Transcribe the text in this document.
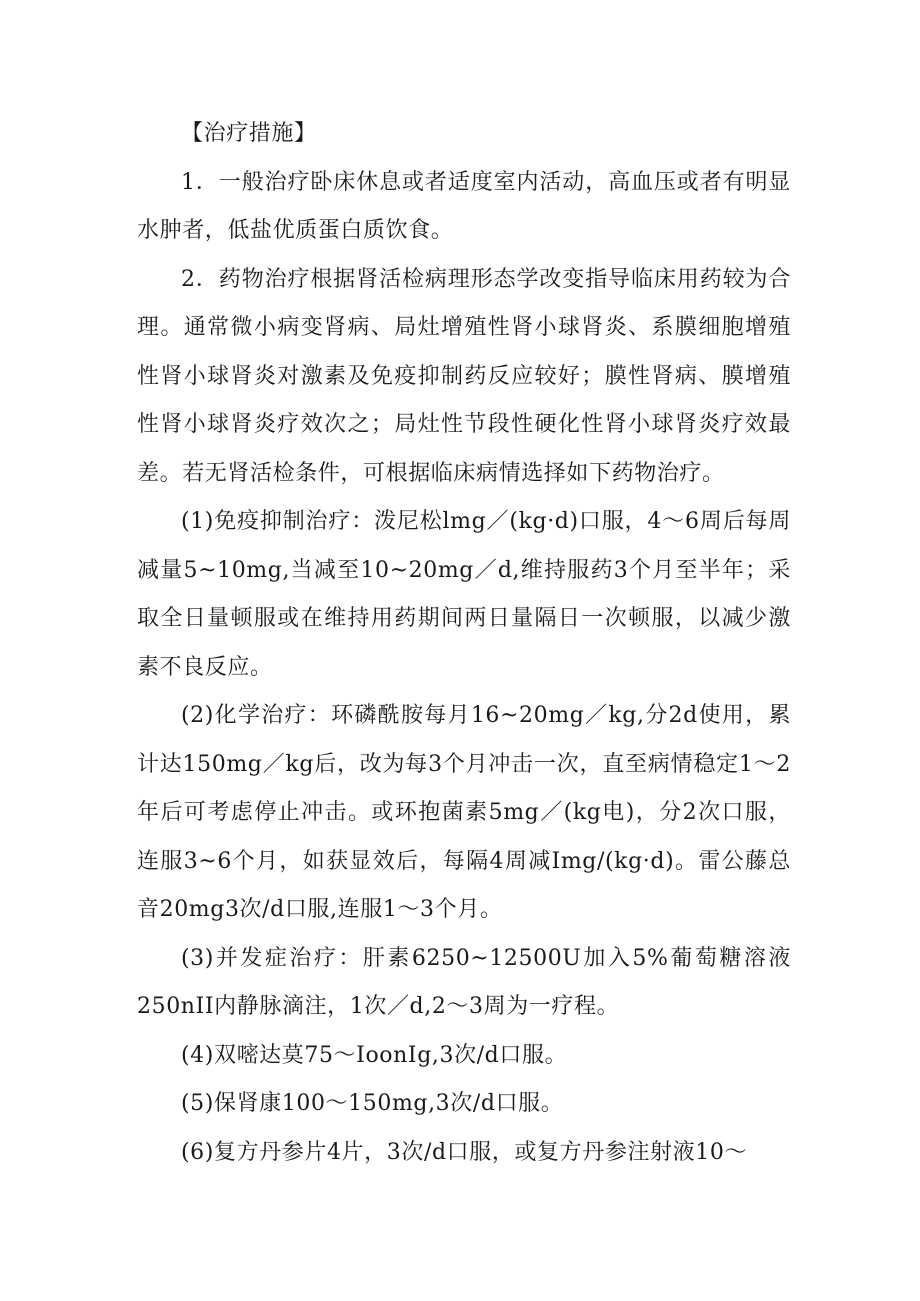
【治疗措施】

1．一般治疗卧床休息或者适度室内活动，高血压或者有明显水肿者，低盐优质蛋白质饮食。

2．药物治疗根据肾活检病理形态学改变指导临床用药较为合理。通常微小病变肾病、局灶增殖性肾小球肾炎、系膜细胞增殖性肾小球肾炎对激素及免疫抑制药反应较好；膜性肾病、膜增殖性肾小球肾炎疗效次之；局灶性节段性硬化性肾小球肾炎疗效最差。若无肾活检条件，可根据临床病情选择如下药物治疗。

(1)免疫抑制治疗：泼尼松lmg／(kg·d)口服，4～6周后每周减量5~10mg,当减至10~20mg／d,维持服药3个月至半年；采取全日量顿服或在维持用药期间两日量隔日一次顿服，以减少激素不良反应。

(2)化学治疗：环磷酰胺每月16~20mg／kg,分2d使用，累计达150mg／kg后，改为每3个月冲击一次，直至病情稳定1～2年后可考虑停止冲击。或环抱菌素5mg／(kg电)，分2次口服，连服3~6个月，如获显效后，每隔4周减Img/(kg·d)。雷公藤总音20mg3次/d口服,连服1～3个月。

(3)并发症治疗：肝素6250~12500U加入5%葡萄糖溶液250nII内静脉滴注，1次／d,2～3周为一疗程。

(4)双嘧达莫75～IoonIg,3次/d口服。

(5)保肾康100～150mg,3次/d口服。

(6)复方丹参片4片，3次/d口服，或复方丹参注射液10～
